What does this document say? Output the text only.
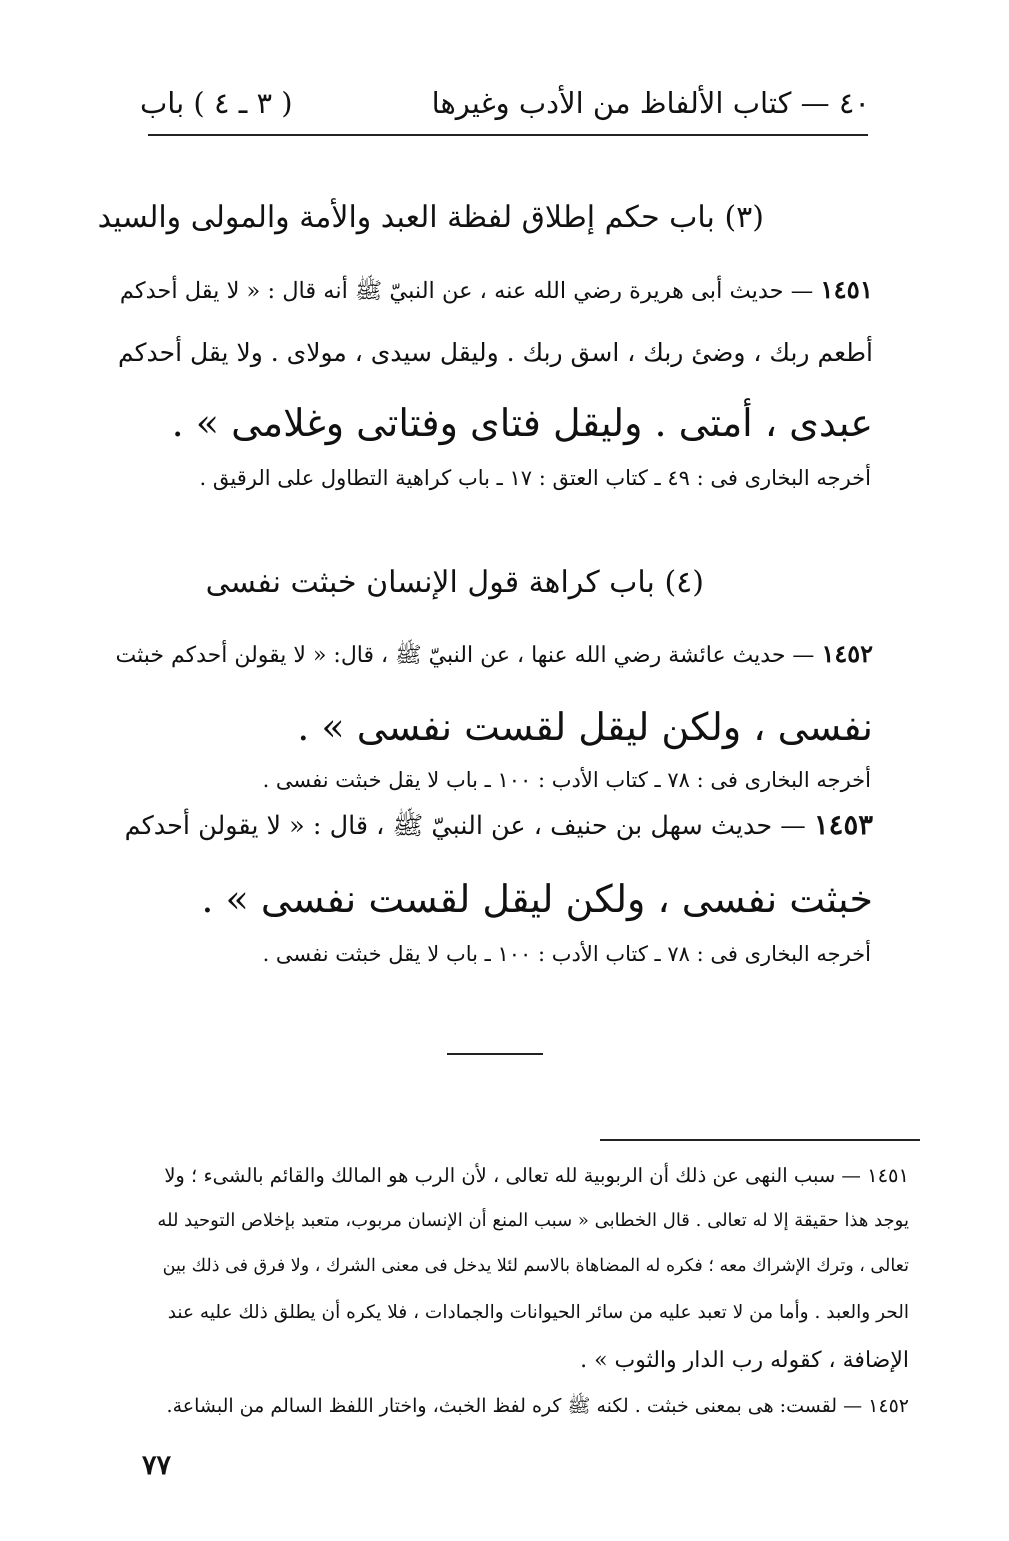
٤٠ — كتاب الألفاظ من الأدب وغيرها
( ٣ ـ ٤ ) باب
(٣) باب حكم إطلاق لفظة العبد والأمة والمولى والسيد
١٤٥١ — حديث أبى هريرة رضي الله عنه ، عن النبيّ ﷺ أنه قال : « لا يقل أحدكم
أطعم ربك ، وضئ ربك ، اسق ربك . وليقل سيدى ، مولاى . ولا يقل أحدكم
عبدى ، أمتى . وليقل فتاى وفتاتى وغلامى » .
أخرجه البخارى فى : ٤٩ ـ كتاب العتق : ١٧ ـ باب كراهية التطاول على الرقيق .
(٤) باب كراهة قول الإنسان خبثت نفسى
١٤٥٢ — حديث عائشة رضي الله عنها ، عن النبيّ ﷺ ، قال: « لا يقولن أحدكم خبثت
نفسى ، ولكن ليقل لقست نفسى » .
أخرجه البخارى فى : ٧٨ ـ كتاب الأدب : ١٠٠ ـ باب لا يقل خبثت نفسى .
١٤٥٣ — حديث سهل بن حنيف ، عن النبيّ ﷺ ، قال : « لا يقولن أحدكم
خبثت نفسى ، ولكن ليقل لقست نفسى » .
أخرجه البخارى فى : ٧٨ ـ كتاب الأدب : ١٠٠ ـ باب لا يقل خبثت نفسى .
١٤٥١ — سبب النهى عن ذلك أن الربوبية لله تعالى ، لأن الرب هو المالك والقائم بالشىء ؛ ولا
يوجد هذا حقيقة إلا له تعالى . قال الخطابى « سبب المنع أن الإنسان مربوب، متعبد بإخلاص التوحيد لله
تعالى ، وترك الإشراك معه ؛ فكره له المضاهاة بالاسم لئلا يدخل فى معنى الشرك ، ولا فرق فى ذلك بين
الحر والعبد . وأما من لا تعبد عليه من سائر الحيوانات والجمادات ، فلا يكره أن يطلق ذلك عليه عند
الإضافة ، كقوله رب الدار والثوب » .
١٤٥٢ — لقست: هى بمعنى خبثت . لكنه ﷺ كره لفظ الخبث، واختار اللفظ السالم من البشاعة.
٧٧
